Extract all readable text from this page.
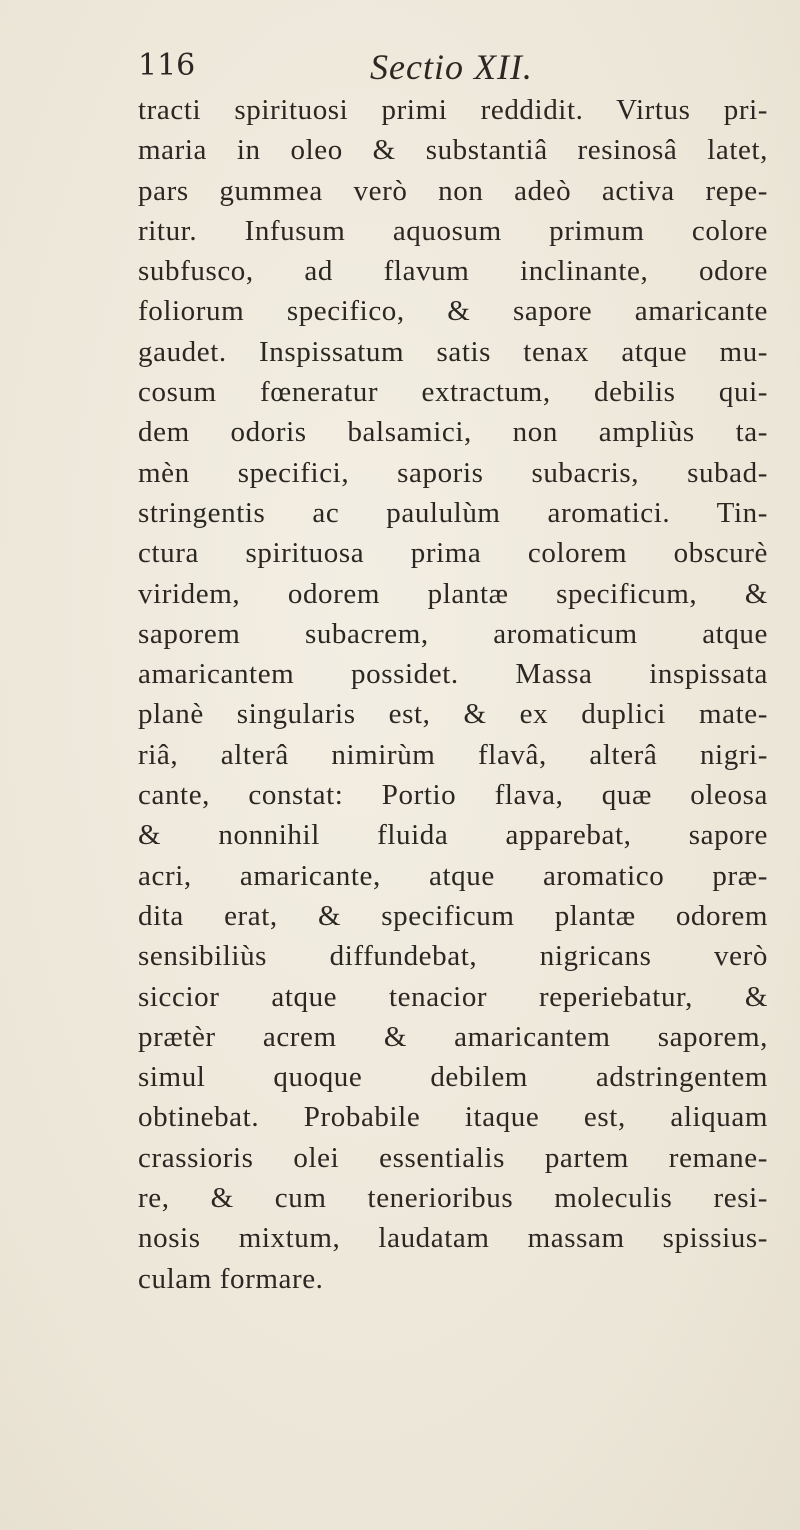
116	Sectio XII.
tracti spirituosi primi reddidit. Virtus pri-
maria in oleo & substantiâ resinosâ latet,
pars gummea verò non adeò activa repe-
ritur. Infusum aquosum primum colore
subfusco, ad flavum inclinante, odore
foliorum specifico, & sapore amaricante
gaudet. Inspissatum satis tenax atque mu-
cosum fœneratur extractum, debilis qui-
dem odoris balsamici, non ampliùs ta-
mèn specifici, saporis subacris, subad-
stringentis ac paululùm aromatici. Tin-
ctura spirituosa prima colorem obscurè
viridem, odorem plantæ specificum, &
saporem subacrem, aromaticum atque
amaricantem possidet. Massa inspissata
planè singularis est, & ex duplici mate-
riâ, alterâ nimirùm flavâ, alterâ nigri-
cante, constat: Portio flava, quæ oleosa
& nonnihil fluida apparebat, sapore
acri, amaricante, atque aromatico præ-
dita erat, & specificum plantæ odorem
sensibiliùs diffundebat, nigricans verò
siccior atque tenacior reperiebatur, &
prætèr acrem & amaricantem saporem,
simul quoque debilem adstringentem
obtinebat. Probabile itaque est, aliquam
crassioris olei essentialis partem remane-
re, & cum tenerioribus moleculis resi-
nosis mixtum, laudatam massam spissius-
culam formare.
